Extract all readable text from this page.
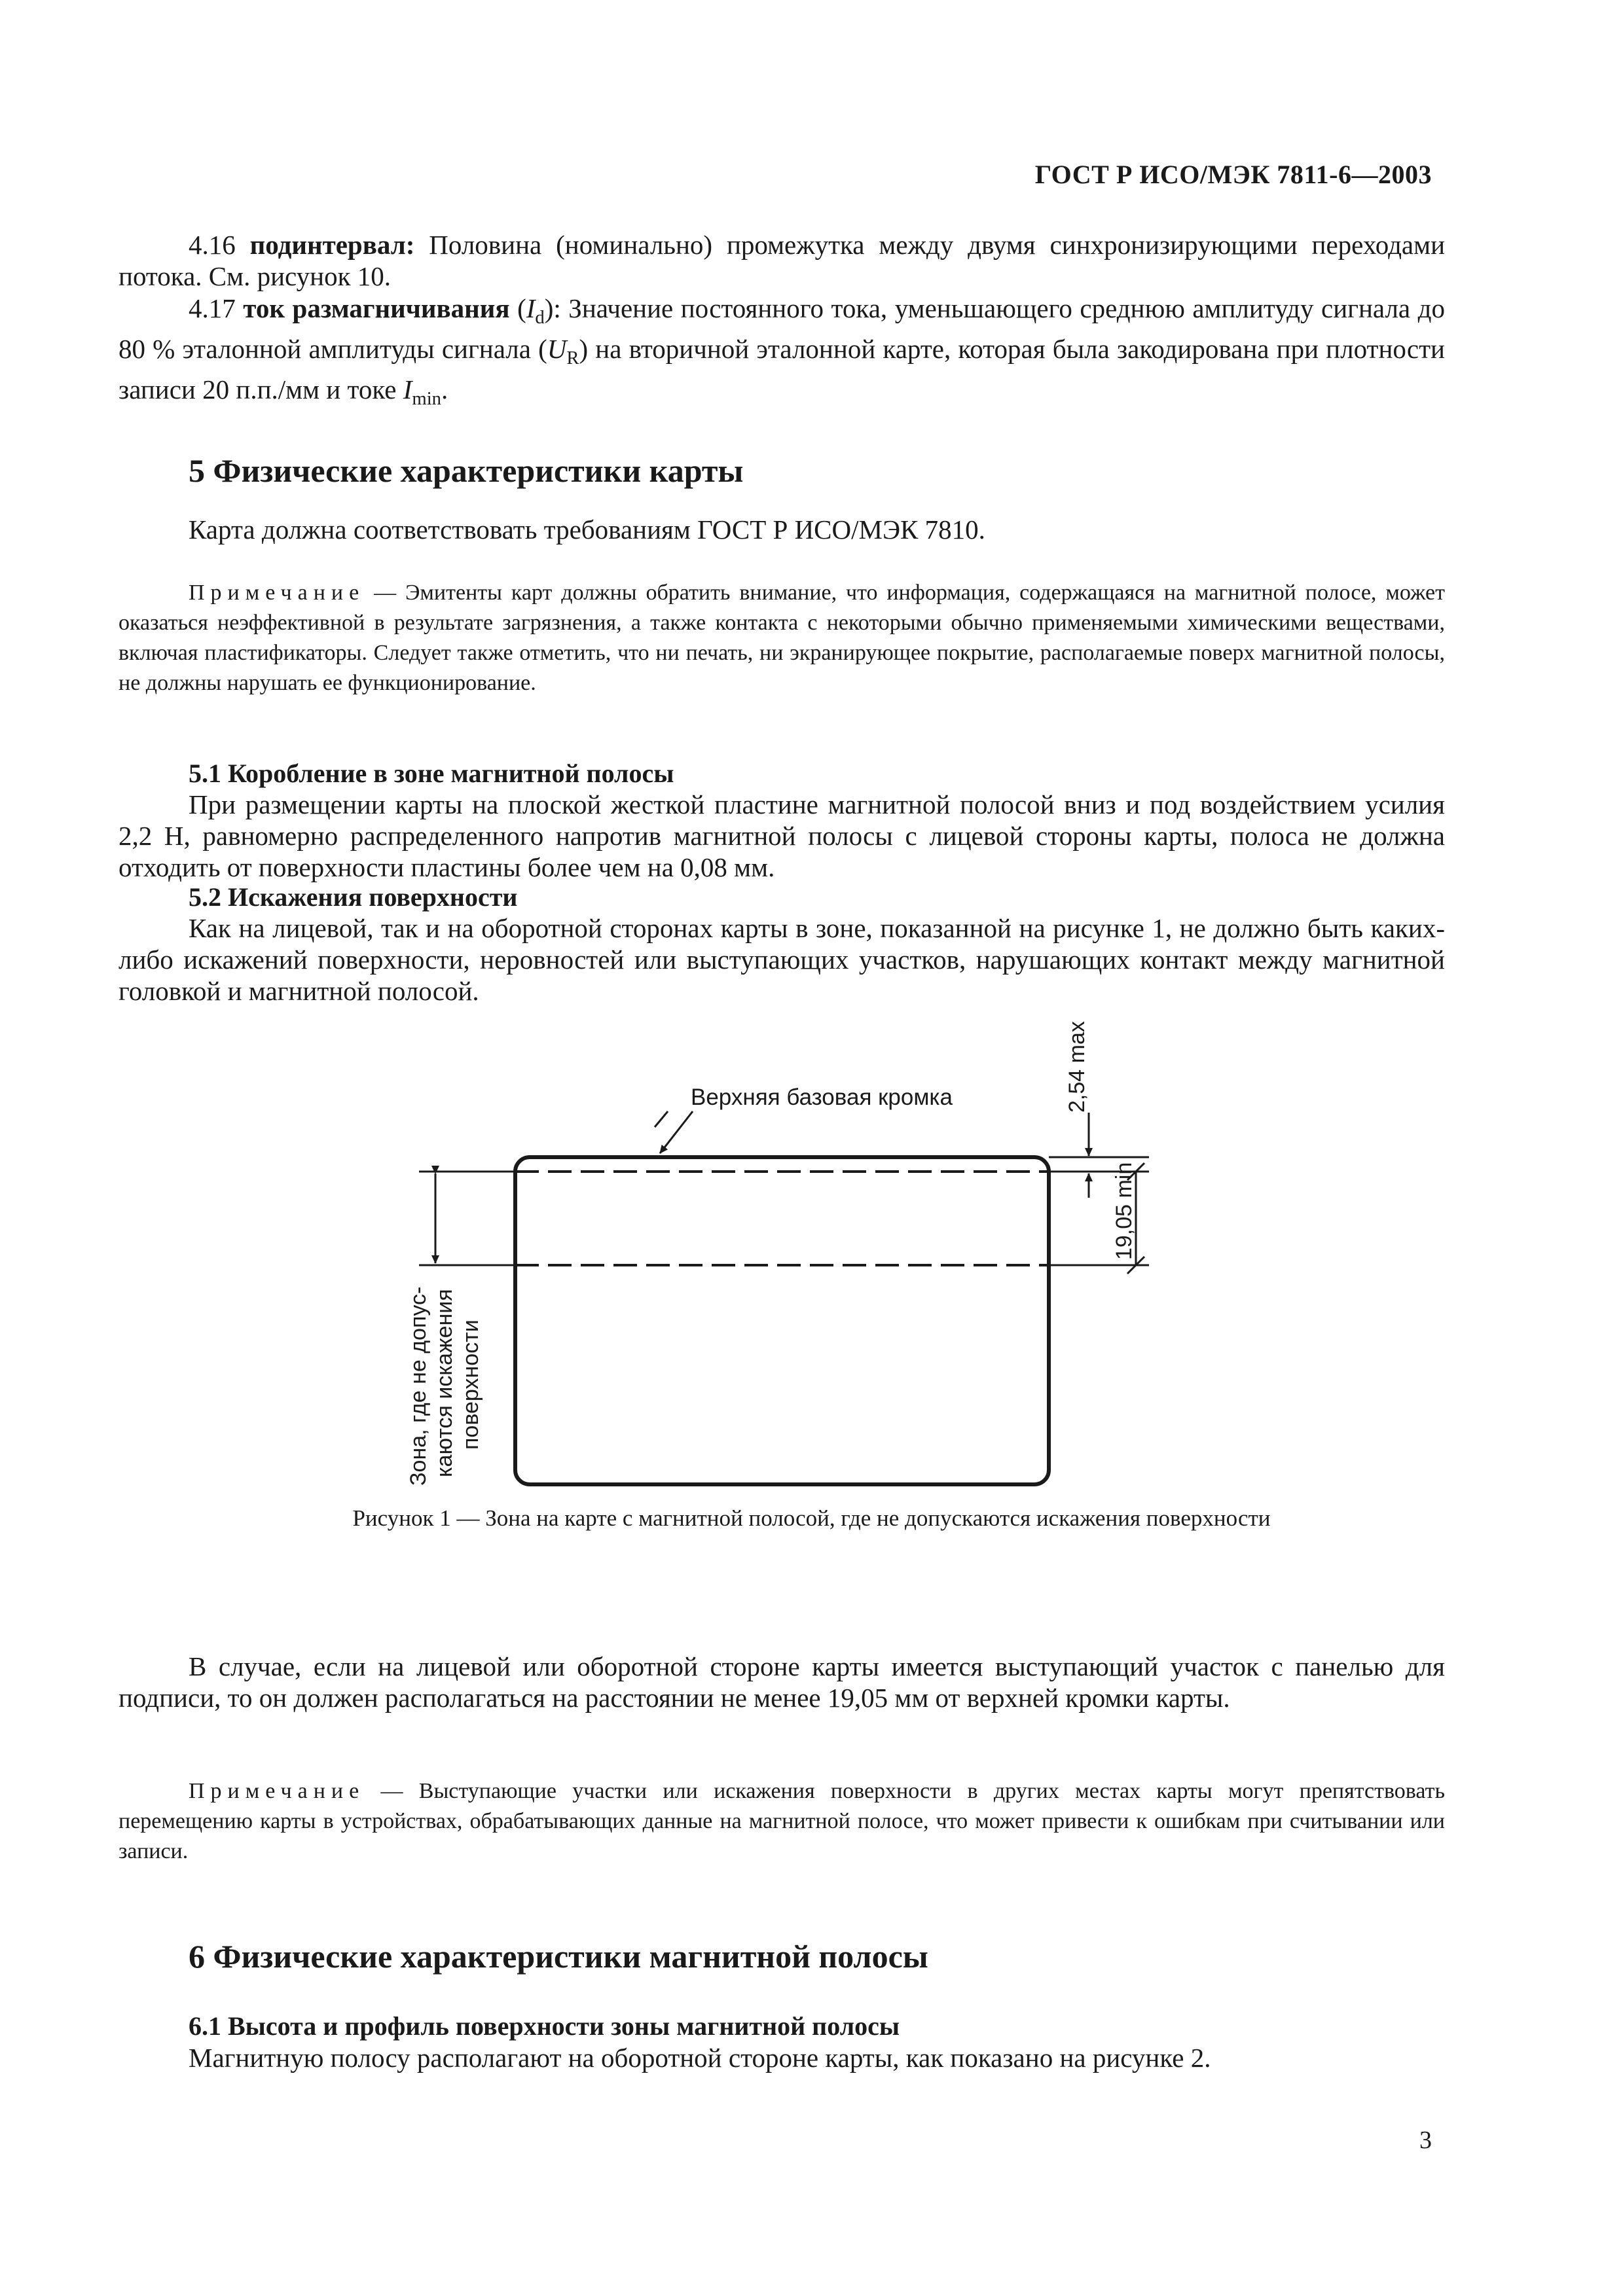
ГОСТ Р ИСО/МЭК 7811-6—2003
4.16 подинтервал: Половина (номинально) промежутка между двумя синхронизирующими переходами потока. См. рисунок 10.
4.17 ток размагничивания $(I_d)$: Значение постоянного тока, уменьшающего среднюю амплитуду сигнала до 80 % эталонной амплитуды сигнала $(U_R)$ на вторичной эталонной карте, которая была закодирована при плотности записи 20 п.п./мм и токе $I_{min}$.
5 Физические характеристики карты
Карта должна соответствовать требованиям ГОСТ Р ИСО/МЭК 7810.
Примечание — Эмитенты карт должны обратить внимание, что информация, содержащаяся на магнитной полосе, может оказаться неэффективной в результате загрязнения, а также контакта с некоторыми обычно применяемыми химическими веществами, включая пластификаторы. Следует также отметить, что ни печать, ни экранирующее покрытие, располагаемые поверх магнитной полосы, не должны нарушать ее функционирование.
5.1 Коробление в зоне магнитной полосы
При размещении карты на плоской жесткой пластине магнитной полосой вниз и под воздействием усилия 2,2 Н, равномерно распределенного напротив магнитной полосы с лицевой стороны карты, полоса не должна отходить от поверхности пластины более чем на 0,08 мм.
5.2 Искажения поверхности
Как на лицевой, так и на оборотной сторонах карты в зоне, показанной на рисунке 1, не должно быть каких-либо искажений поверхности, неровностей или выступающих участков, нарушающих контакт между магнитной головкой и магнитной полосой.
Верхняя базовая кромка	2,54 max
19,05 min
Зона, где не допус- каются искажения поверхности
Рисунок 1 — Зона на карте с магнитной полосой, где не допускаются искажения поверхности
В случае, если на лицевой или оборотной стороне карты имеется выступающий участок с панелью для подписи, то он должен располагаться на расстоянии не менее 19,05 мм от верхней кромки карты.
Примечание — Выступающие участки или искажения поверхности в других местах карты могут препятствовать перемещению карты в устройствах, обрабатывающих данные на магнитной полосе, что может привести к ошибкам при считывании или записи.
6 Физические характеристики магнитной полосы
6.1 Высота и профиль поверхности зоны магнитной полосы
Магнитную полосу располагают на оборотной стороне карты, как показано на рисунке 2.
3
